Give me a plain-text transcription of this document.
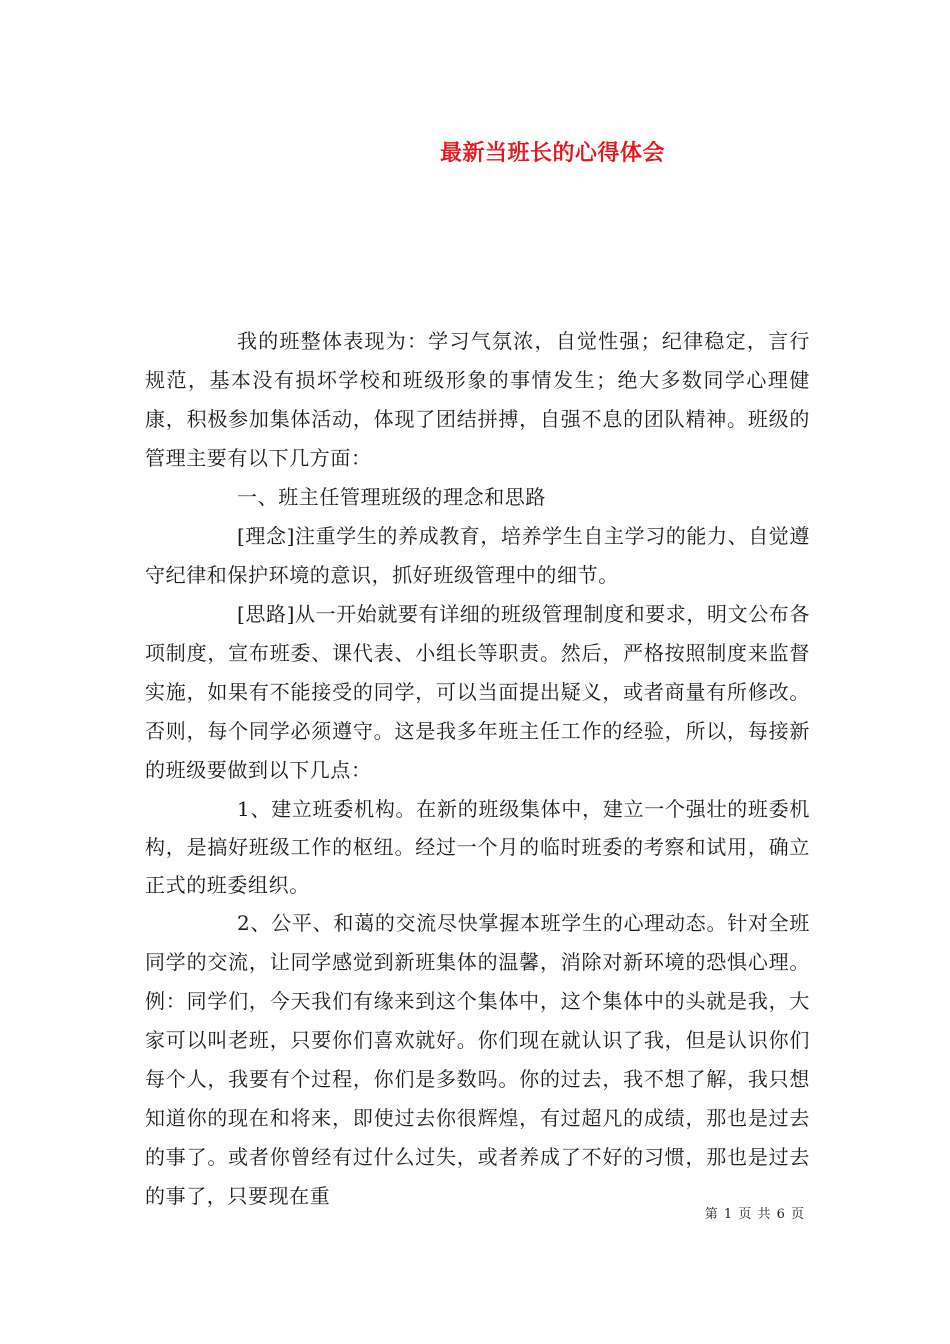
最新当班长的心得体会

我的班整体表现为：学习气氛浓，自觉性强；纪律稳定，言行规范，基本没有损坏学校和班级形象的事情发生；绝大多数同学心理健康，积极参加集体活动，体现了团结拼搏，自强不息的团队精神。班级的管理主要有以下几方面：

一、班主任管理班级的理念和思路

[理念]注重学生的养成教育，培养学生自主学习的能力、自觉遵守纪律和保护环境的意识，抓好班级管理中的细节。

[思路]从一开始就要有详细的班级管理制度和要求，明文公布各项制度，宣布班委、课代表、小组长等职责。然后，严格按照制度来监督实施，如果有不能接受的同学，可以当面提出疑义，或者商量有所修改。否则，每个同学必须遵守。这是我多年班主任工作的经验，所以，每接新的班级要做到以下几点：

1、建立班委机构。在新的班级集体中，建立一个强壮的班委机构，是搞好班级工作的枢纽。经过一个月的临时班委的考察和试用，确立正式的班委组织。

2、公平、和蔼的交流尽快掌握本班学生的心理动态。针对全班同学的交流，让同学感觉到新班集体的温馨，消除对新环境的恐惧心理。例：同学们，今天我们有缘来到这个集体中，这个集体中的头就是我，大家可以叫老班，只要你们喜欢就好。你们现在就认识了我，但是认识你们每个人，我要有个过程，你们是多数吗。你的过去，我不想了解，我只想知道你的现在和将来，即使过去你很辉煌，有过超凡的成绩，那也是过去的事了。或者你曾经有过什么过失，或者养成了不好的习惯，那也是过去的事了，只要现在重

第 1 页 共 6 页
